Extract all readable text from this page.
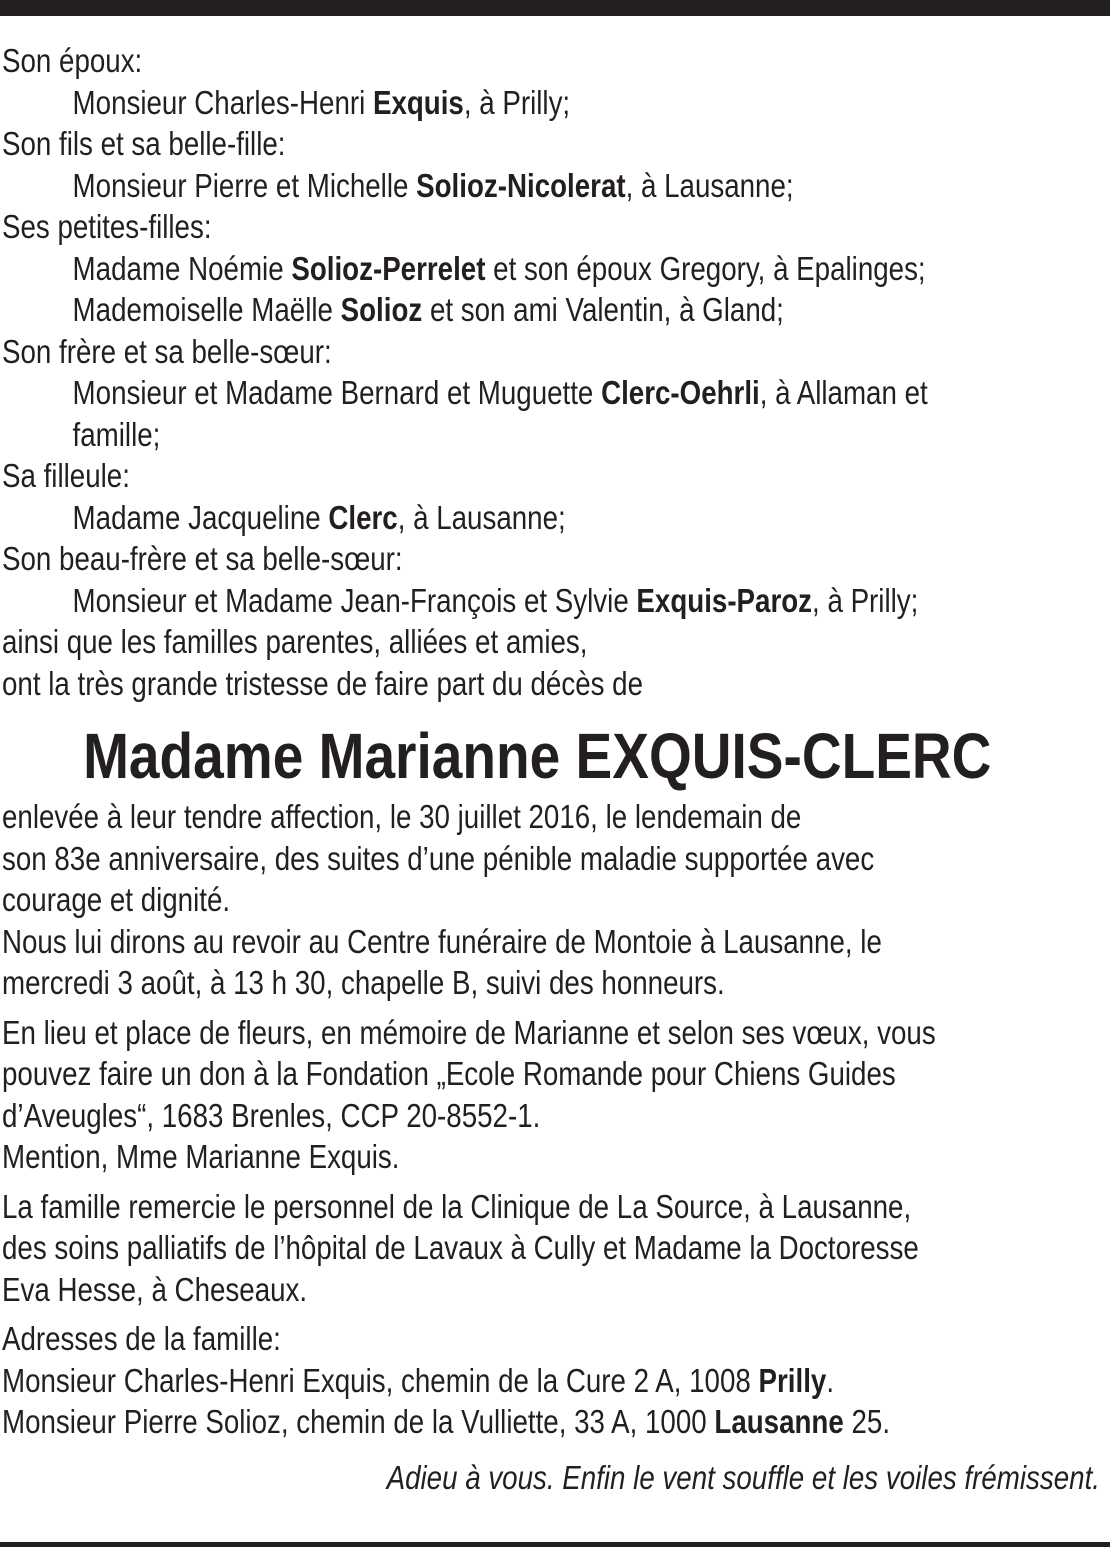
Son époux:
Monsieur Charles-Henri Exquis, à Prilly;
Son fils et sa belle-fille:
Monsieur Pierre et Michelle Solioz-Nicolerat, à Lausanne;
Ses petites-filles:
Madame Noémie Solioz-Perrelet et son époux Gregory, à Epalinges;
Mademoiselle Maëlle Solioz et son ami Valentin, à Gland;
Son frère et sa belle-sœur:
Monsieur et Madame Bernard et Muguette Clerc-Oehrli, à Allaman et
famille;
Sa filleule:
Madame Jacqueline Clerc, à Lausanne;
Son beau-frère et sa belle-sœur:
Monsieur et Madame Jean-François et Sylvie Exquis-Paroz, à Prilly;
ainsi que les familles parentes, alliées et amies,
ont la très grande tristesse de faire part du décès de
Madame Marianne EXQUIS-CLERC
enlevée à leur tendre affection, le 30 juillet 2016, le lendemain de
son 83e anniversaire, des suites d’une pénible maladie supportée avec
courage et dignité.
Nous lui dirons au revoir au Centre funéraire de Montoie à Lausanne, le
mercredi 3 août, à 13 h 30, chapelle B, suivi des honneurs.
En lieu et place de fleurs, en mémoire de Marianne et selon ses vœux, vous
pouvez faire un don à la Fondation „Ecole Romande pour Chiens Guides
d’Aveugles“, 1683 Brenles, CCP 20-8552-1.
Mention, Mme Marianne Exquis.
La famille remercie le personnel de la Clinique de La Source, à Lausanne,
des soins palliatifs de l’hôpital de Lavaux à Cully et Madame la Doctoresse
Eva Hesse, à Cheseaux.
Adresses de la famille:
Monsieur Charles-Henri Exquis, chemin de la Cure 2 A, 1008 Prilly.
Monsieur Pierre Solioz, chemin de la Vulliette, 33 A, 1000 Lausanne 25.
Adieu à vous. Enfin le vent souffle et les voiles frémissent.
